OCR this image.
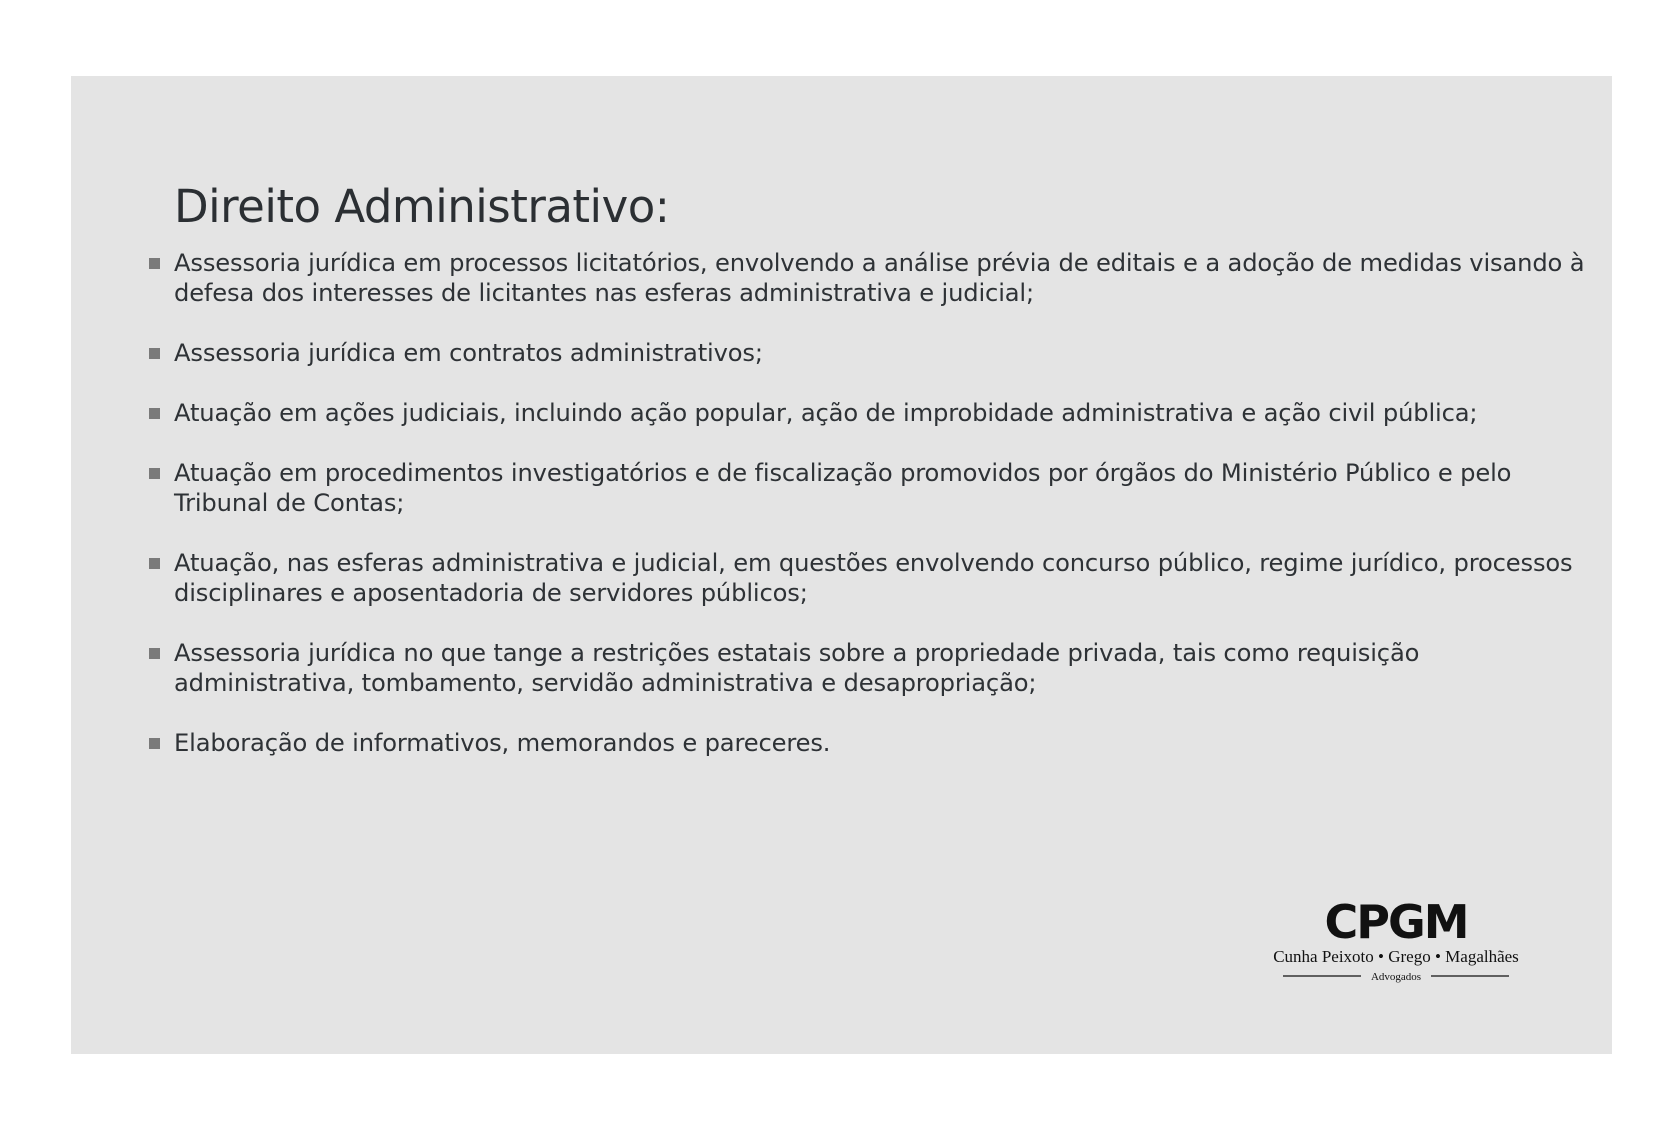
Direito Administrativo:
Assessoria jurídica em processos licitatórios, envolvendo a análise prévia de editais e a adoção de medidas visando à defesa dos interesses de licitantes nas esferas administrativa e judicial;
Assessoria jurídica em contratos administrativos;
Atuação em ações judiciais, incluindo ação popular, ação de improbidade administrativa e ação civil pública;
Atuação em procedimentos investigatórios e de fiscalização promovidos por órgãos do Ministério Público e pelo Tribunal de Contas;
Atuação, nas esferas administrativa e judicial, em questões envolvendo concurso público, regime jurídico, processos disciplinares e aposentadoria de servidores públicos;
Assessoria jurídica no que tange a restrições estatais sobre a propriedade privada, tais como requisição administrativa, tombamento, servidão administrativa e desapropriação;
Elaboração de informativos, memorandos e pareceres.
CPGM
Cunha Peixoto • Grego • Magalhães
Advogados
